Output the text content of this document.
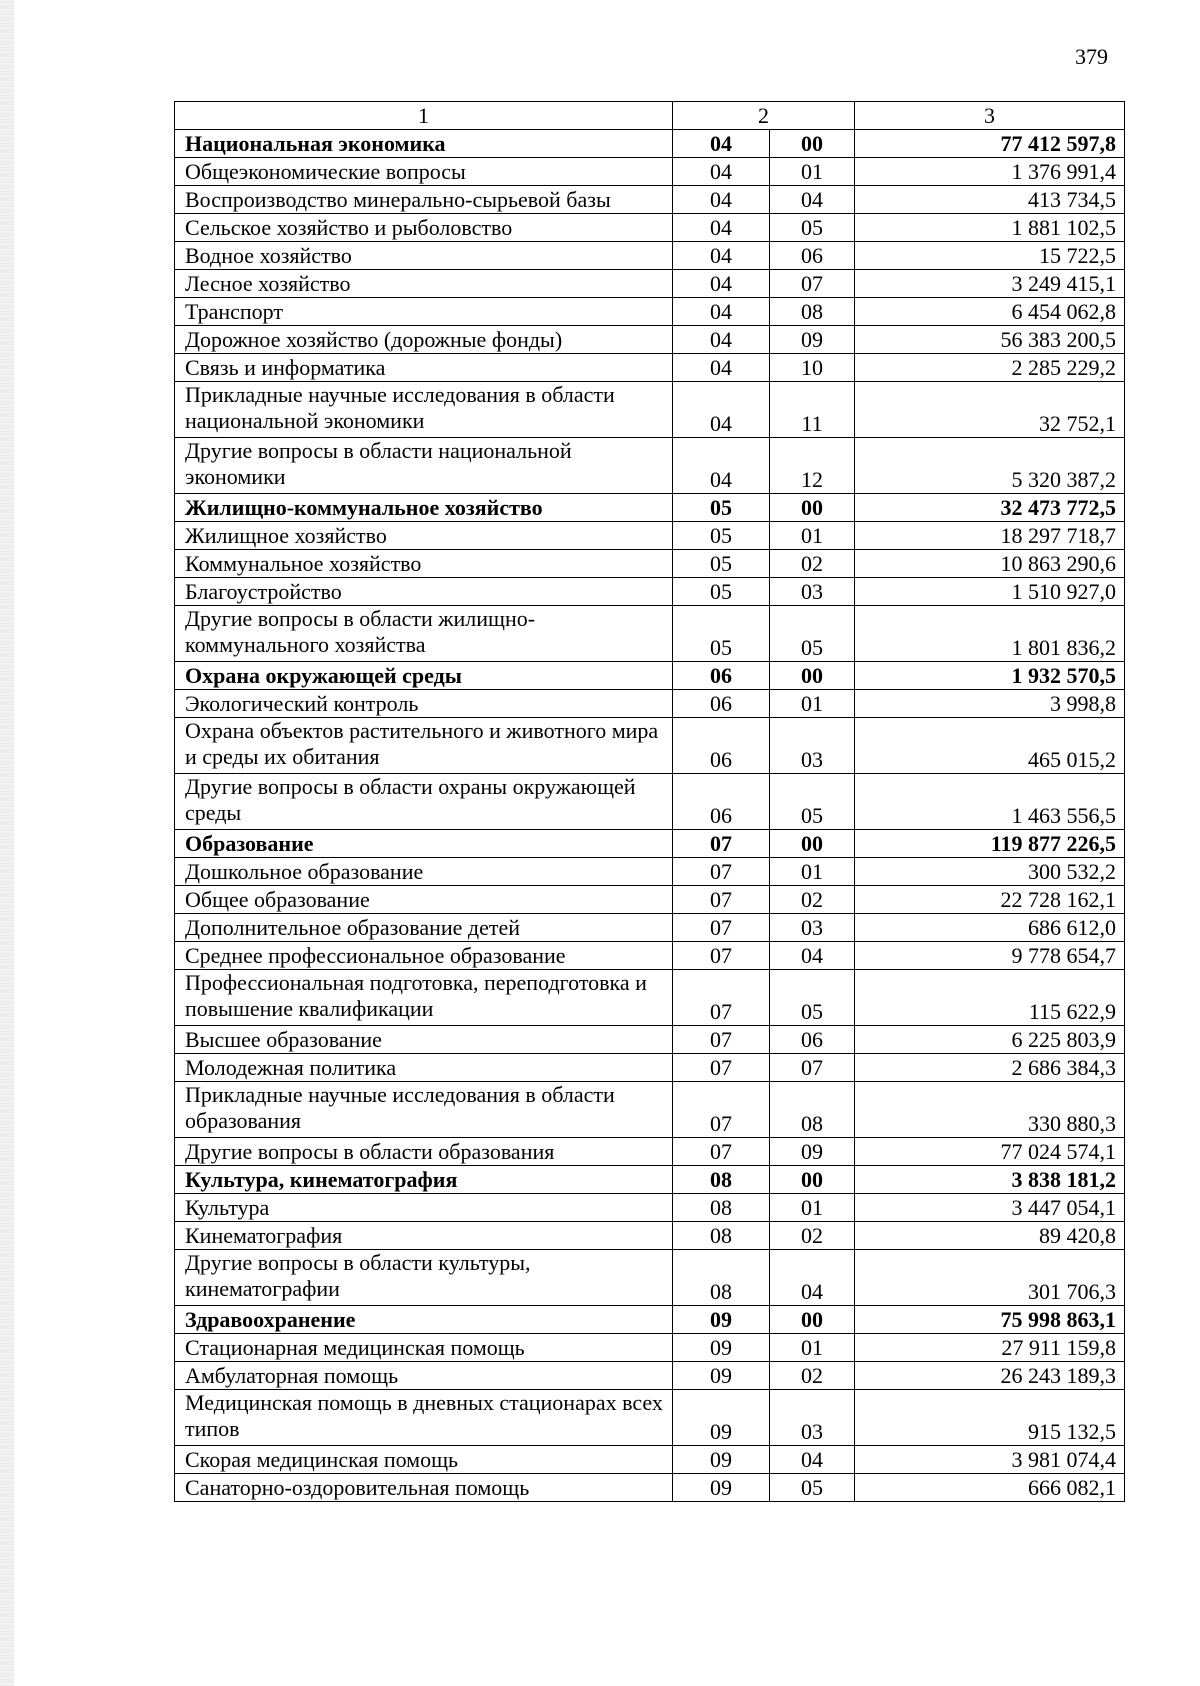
379
1	2		3
Национальная экономика	04	00	77 412 597,8
Общеэкономические вопросы	04	01	1 376 991,4
Воспроизводство минерально-сырьевой базы	04	04	413 734,5
Сельское хозяйство и рыболовство	04	05	1 881 102,5
Водное хозяйство	04	06	15 722,5
Лесное хозяйство	04	07	3 249 415,1
Транспорт	04	08	6 454 062,8
Дорожное хозяйство (дорожные фонды)	04	09	56 383 200,5
Связь и информатика	04	10	2 285 229,2
Прикладные научные исследования в области национальной экономики	04	11	32 752,1
Другие вопросы в области национальной экономики	04	12	5 320 387,2
Жилищно-коммунальное хозяйство	05	00	32 473 772,5
Жилищное хозяйство	05	01	18 297 718,7
Коммунальное хозяйство	05	02	10 863 290,6
Благоустройство	05	03	1 510 927,0
Другие вопросы в области жилищно-коммунального хозяйства	05	05	1 801 836,2
Охрана окружающей среды	06	00	1 932 570,5
Экологический контроль	06	01	3 998,8
Охрана объектов растительного и животного мира и среды их обитания	06	03	465 015,2
Другие вопросы в области охраны окружающей среды	06	05	1 463 556,5
Образование	07	00	119 877 226,5
Дошкольное образование	07	01	300 532,2
Общее образование	07	02	22 728 162,1
Дополнительное образование детей	07	03	686 612,0
Среднее профессиональное образование	07	04	9 778 654,7
Профессиональная подготовка, переподготовка и повышение квалификации	07	05	115 622,9
Высшее образование	07	06	6 225 803,9
Молодежная политика	07	07	2 686 384,3
Прикладные научные исследования в области образования	07	08	330 880,3
Другие вопросы в области образования	07	09	77 024 574,1
Культура, кинематография	08	00	3 838 181,2
Культура	08	01	3 447 054,1
Кинематография	08	02	89 420,8
Другие вопросы в области культуры, кинематографии	08	04	301 706,3
Здравоохранение	09	00	75 998 863,1
Стационарная медицинская помощь	09	01	27 911 159,8
Амбулаторная помощь	09	02	26 243 189,3
Медицинская помощь в дневных стационарах всех типов	09	03	915 132,5
Скорая медицинская помощь	09	04	3 981 074,4
Санаторно-оздоровительная помощь	09	05	666 082,1
